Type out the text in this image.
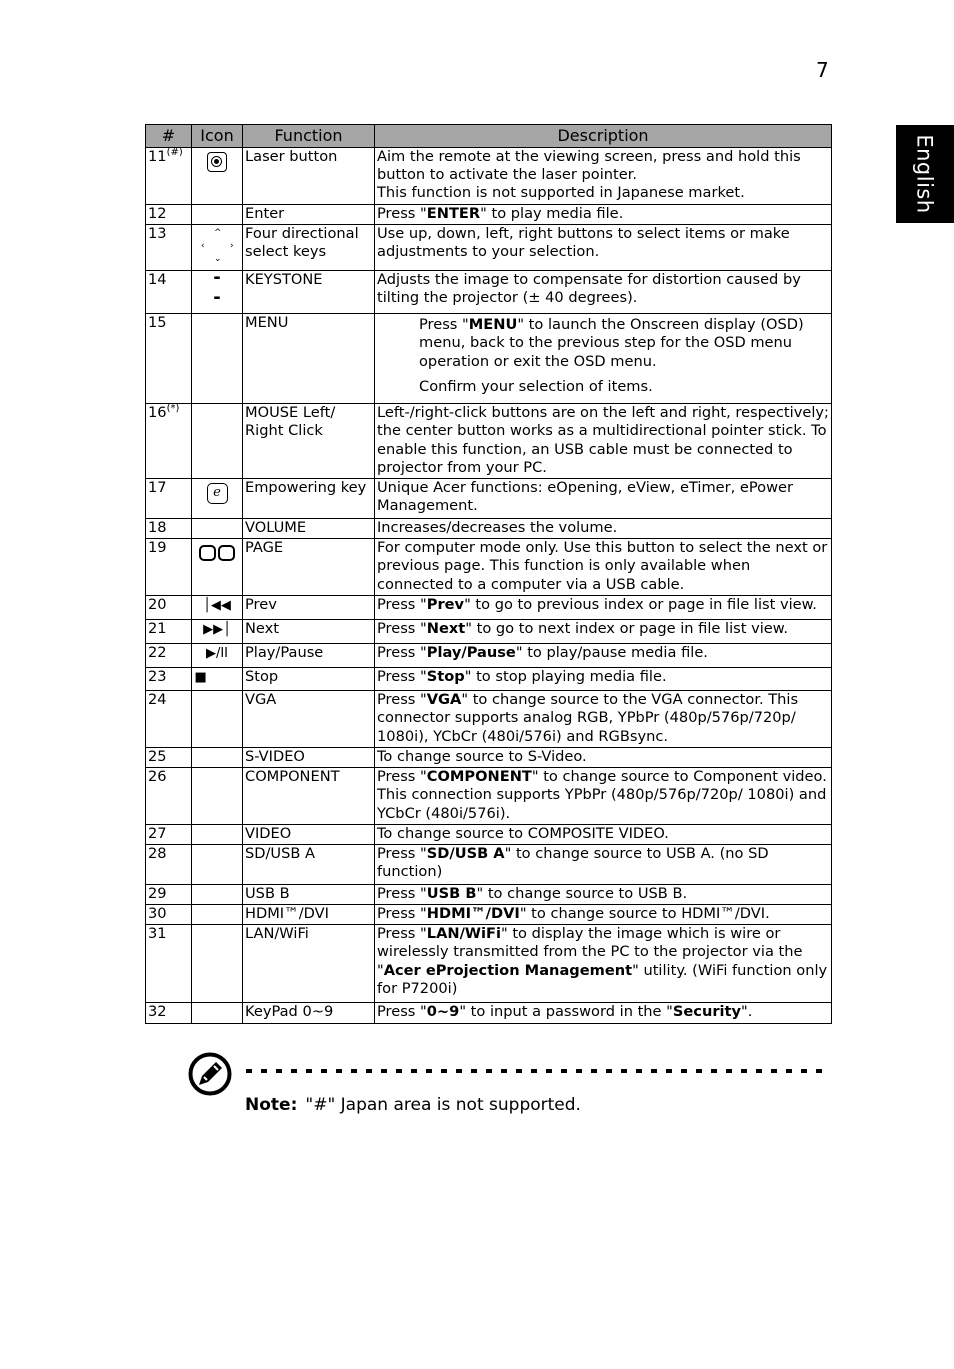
7
English
#	Icon	Function	Description
11(#)		Laser button	Aim the remote at the viewing screen, press and hold this button to activate the laser pointer.
This function is not supported in Japanese market.

12		Enter	Press "ENTER" to play media file.

13	^
‹ ›
⌄	Four directional select keys	Use up, down, left, right buttons to select items or make adjustments to your selection.

14	-
-	KEYSTONE	Adjusts the image to compensate for distortion caused by tilting the projector (± 40 degrees).

15		MENU	Press "MENU" to launch the Onscreen display (OSD) menu, back to the previous step for the OSD menu operation or exit the OSD menu.
Confirm your selection of items.

16(*)		MOUSE Left/ Right Click	Left-/right-click buttons are on the left and right, respectively; the center button works as a multidirectional pointer stick. To enable this function, an USB cable must be connected to projector from your PC.

17	e	Empowering key	Unique Acer functions: eOpening, eView, eTimer, ePower Management.

18		VOLUME	Increases/decreases the volume.

19		PAGE	For computer mode only. Use this button to select the next or previous page. This function is only available when connected to a computer via a USB cable.

20	│◀◀	Prev	Press "Prev" to go to previous index or page in file list view.

21	▶▶│	Next	Press "Next" to go to next index or page in file list view.

22	▶/II	Play/Pause	Press "Play/Pause" to play/pause media file.

23	■	Stop	Press "Stop" to stop playing media file.

24		VGA	Press "VGA" to change source to the VGA connector. This connector supports analog RGB, YPbPr (480p/576p/720p/ 1080i), YCbCr (480i/576i) and RGBsync.

25		S-VIDEO	To change source to S-Video.

26		COMPONENT	Press "COMPONENT" to change source to Component video. This connection supports YPbPr (480p/576p/720p/ 1080i) and YCbCr (480i/576i).

27		VIDEO	To change source to COMPOSITE VIDEO.

28		SD/USB A	Press "SD/USB A" to change source to USB A. (no SD function)

29		USB B	Press "USB B" to change source to USB B.

30		HDMI™/DVI	Press "HDMI™/DVI" to change source to HDMI™/DVI.

31		LAN/WiFi	Press "LAN/WiFi" to display the image which is wire or wirelessly transmitted from the PC to the projector via the "Acer eProjection Management" utility. (WiFi function only for P7200i)

32		KeyPad 0~9	Press "0~9" to input a password in the "Security".
Note: "#" Japan area is not supported.
